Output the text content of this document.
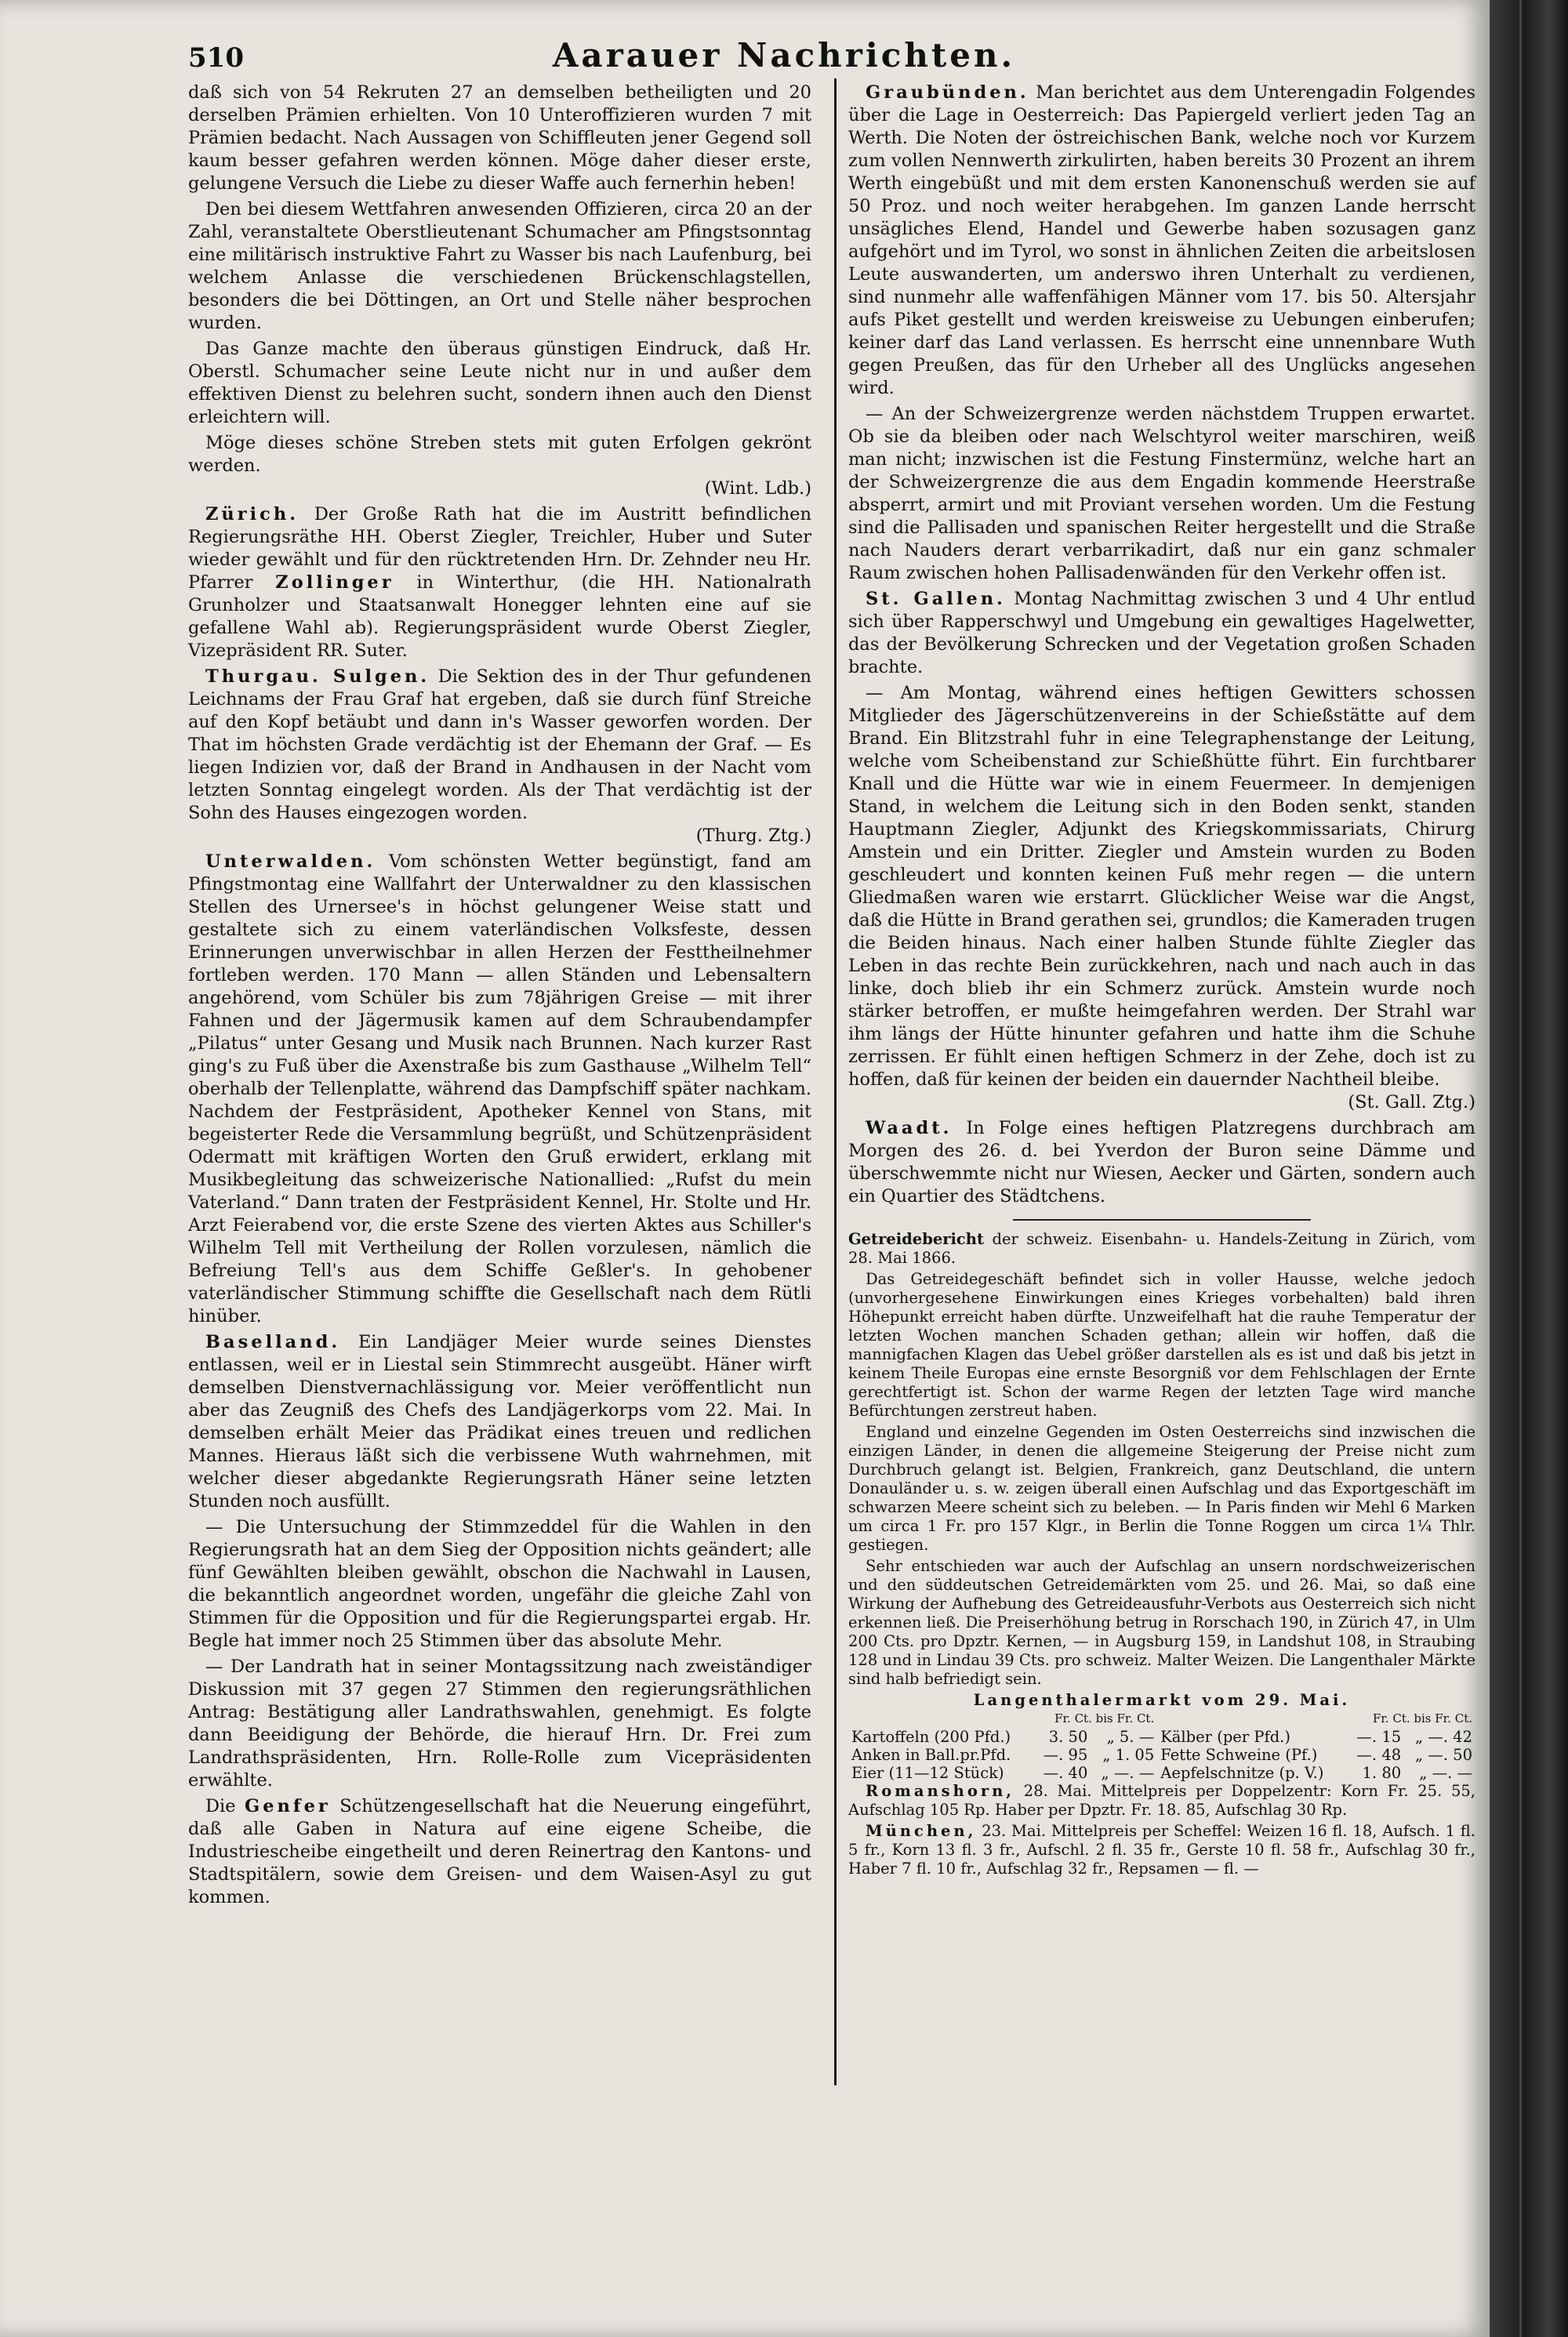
510	Aarauer Nachrichten.

daß sich von 54 Rekruten 27 an demselben betheiligten und 20 derselben Prämien erhielten. Von 10 Unteroffizieren wurden 7 mit Prämien bedacht. Nach Aussagen von Schiffleuten jener Gegend soll kaum besser gefahren werden können. Möge daher dieser erste, gelungene Versuch die Liebe zu dieser Waffe auch fernerhin heben!

Den bei diesem Wettfahren anwesenden Offizieren, circa 20 an der Zahl, veranstaltete Oberstlieutenant Schumacher am Pfingstsonntag eine militärisch instruktive Fahrt zu Wasser bis nach Laufenburg, bei welchem Anlasse die verschiedenen Brückenschlagstellen, besonders die bei Döttingen, an Ort und Stelle näher besprochen wurden.

Das Ganze machte den überaus günstigen Eindruck, daß Hr. Oberstl. Schumacher seine Leute nicht nur in und außer dem effektiven Dienst zu belehren sucht, sondern ihnen auch den Dienst erleichtern will.

Möge dieses schöne Streben stets mit guten Erfolgen gekrönt werden.
(Wint. Ldb.)

Zürich. Der Große Rath hat die im Austritt befindlichen Regierungsräthe HH. Oberst Ziegler, Treichler, Huber und Suter wieder gewählt und für den rücktretenden Hrn. Dr. Zehnder neu Hr. Pfarrer Zollinger in Winterthur, (die HH. Nationalrath Grunholzer und Staatsanwalt Honegger lehnten eine auf sie gefallene Wahl ab). Regierungspräsident wurde Oberst Ziegler, Vizepräsident RR. Suter.

Thurgau. Sulgen. Die Sektion des in der Thur gefundenen Leichnams der Frau Graf hat ergeben, daß sie durch fünf Streiche auf den Kopf betäubt und dann in's Wasser geworfen worden. Der That im höchsten Grade verdächtig ist der Ehemann der Graf. — Es liegen Indizien vor, daß der Brand in Andhausen in der Nacht vom letzten Sonntag eingelegt worden. Als der That verdächtig ist der Sohn des Hauses eingezogen worden.
(Thurg. Ztg.)

Unterwalden. Vom schönsten Wetter begünstigt, fand am Pfingstmontag eine Wallfahrt der Unterwaldner zu den klassischen Stellen des Urnersee's in höchst gelungener Weise statt und gestaltete sich zu einem vaterländischen Volksfeste, dessen Erinnerungen unverwischbar in allen Herzen der Festtheilnehmer fortleben werden. 170 Mann — allen Ständen und Lebensaltern angehörend, vom Schüler bis zum 78jährigen Greise — mit ihrer Fahnen und der Jägermusik kamen auf dem Schraubendampfer „Pilatus“ unter Gesang und Musik nach Brunnen. Nach kurzer Rast ging's zu Fuß über die Axenstraße bis zum Gasthause „Wilhelm Tell“ oberhalb der Tellenplatte, während das Dampfschiff später nachkam. Nachdem der Festpräsident, Apotheker Kennel von Stans, mit begeisterter Rede die Versammlung begrüßt, und Schützenpräsident Odermatt mit kräftigen Worten den Gruß erwidert, erklang mit Musikbegleitung das schweizerische Nationallied: „Rufst du mein Vaterland.“ Dann traten der Festpräsident Kennel, Hr. Stolte und Hr. Arzt Feierabend vor, die erste Szene des vierten Aktes aus Schiller's Wilhelm Tell mit Vertheilung der Rollen vorzulesen, nämlich die Befreiung Tell's aus dem Schiffe Geßler's. In gehobener vaterländischer Stimmung schiffte die Gesellschaft nach dem Rütli hinüber.

Baselland. Ein Landjäger Meier wurde seines Dienstes entlassen, weil er in Liestal sein Stimmrecht ausgeübt. Häner wirft demselben Dienstvernachlässigung vor. Meier veröffentlicht nun aber das Zeugniß des Chefs des Landjägerkorps vom 22. Mai. In demselben erhält Meier das Prädikat eines treuen und redlichen Mannes. Hieraus läßt sich die verbissene Wuth wahrnehmen, mit welcher dieser abgedankte Regierungsrath Häner seine letzten Stunden noch ausfüllt.

— Die Untersuchung der Stimmzeddel für die Wahlen in den Regierungsrath hat an dem Sieg der Opposition nichts geändert; alle fünf Gewählten bleiben gewählt, obschon die Nachwahl in Lausen, die bekanntlich angeordnet worden, ungefähr die gleiche Zahl von Stimmen für die Opposition und für die Regierungspartei ergab. Hr. Begle hat immer noch 25 Stimmen über das absolute Mehr.

— Der Landrath hat in seiner Montagssitzung nach zweiständiger Diskussion mit 37 gegen 27 Stimmen den regierungsräthlichen Antrag: Bestätigung aller Landrathswahlen, genehmigt. Es folgte dann Beeidigung der Behörde, die hierauf Hrn. Dr. Frei zum Landrathspräsidenten, Hrn. Rolle-Rolle zum Vicepräsidenten erwählte.

Die Genfer Schützengesellschaft hat die Neuerung eingeführt, daß alle Gaben in Natura auf eine eigene Scheibe, die Industriescheibe eingetheilt und deren Reinertrag den Kantons- und Stadtspitälern, sowie dem Greisen- und dem Waisen-Asyl zu gut kommen.

Graubünden. Man berichtet aus dem Unterengadin Folgendes über die Lage in Oesterreich: Das Papiergeld verliert jeden Tag an Werth. Die Noten der östreichischen Bank, welche noch vor Kurzem zum vollen Nennwerth zirkulirten, haben bereits 30 Prozent an ihrem Werth eingebüßt und mit dem ersten Kanonenschuß werden sie auf 50 Proz. und noch weiter herabgehen. Im ganzen Lande herrscht unsägliches Elend, Handel und Gewerbe haben sozusagen ganz aufgehört und im Tyrol, wo sonst in ähnlichen Zeiten die arbeitslosen Leute auswanderten, um anderswo ihren Unterhalt zu verdienen, sind nunmehr alle waffenfähigen Männer vom 17. bis 50. Altersjahr aufs Piket gestellt und werden kreisweise zu Uebungen einberufen; keiner darf das Land verlassen. Es herrscht eine unnennbare Wuth gegen Preußen, das für den Urheber all des Unglücks angesehen wird.

— An der Schweizergrenze werden nächstdem Truppen erwartet. Ob sie da bleiben oder nach Welschtyrol weiter marschiren, weiß man nicht; inzwischen ist die Festung Finstermünz, welche hart an der Schweizergrenze die aus dem Engadin kommende Heerstraße absperrt, armirt und mit Proviant versehen worden. Um die Festung sind die Pallisaden und spanischen Reiter hergestellt und die Straße nach Nauders derart verbarrikadirt, daß nur ein ganz schmaler Raum zwischen hohen Pallisadenwänden für den Verkehr offen ist.

St. Gallen. Montag Nachmittag zwischen 3 und 4 Uhr entlud sich über Rapperschwyl und Umgebung ein gewaltiges Hagelwetter, das der Bevölkerung Schrecken und der Vegetation großen Schaden brachte.

— Am Montag, während eines heftigen Gewitters schossen Mitglieder des Jägerschützenvereins in der Schießstätte auf dem Brand. Ein Blitzstrahl fuhr in eine Telegraphenstange der Leitung, welche vom Scheibenstand zur Schießhütte führt. Ein furchtbarer Knall und die Hütte war wie in einem Feuermeer. In demjenigen Stand, in welchem die Leitung sich in den Boden senkt, standen Hauptmann Ziegler, Adjunkt des Kriegskommissariats, Chirurg Amstein und ein Dritter. Ziegler und Amstein wurden zu Boden geschleudert und konnten keinen Fuß mehr regen — die untern Gliedmaßen waren wie erstarrt. Glücklicher Weise war die Angst, daß die Hütte in Brand gerathen sei, grundlos; die Kameraden trugen die Beiden hinaus. Nach einer halben Stunde fühlte Ziegler das Leben in das rechte Bein zurückkehren, nach und nach auch in das linke, doch blieb ihr ein Schmerz zurück. Amstein wurde noch stärker betroffen, er mußte heimgefahren werden. Der Strahl war ihm längs der Hütte hinunter gefahren und hatte ihm die Schuhe zerrissen. Er fühlt einen heftigen Schmerz in der Zehe, doch ist zu hoffen, daß für keinen der beiden ein dauernder Nachtheil bleibe.
(St. Gall. Ztg.)

Waadt. In Folge eines heftigen Platzregens durchbrach am Morgen des 26. d. bei Yverdon der Buron seine Dämme und überschwemmte nicht nur Wiesen, Aecker und Gärten, sondern auch ein Quartier des Städtchens.

Getreidebericht der schweiz. Eisenbahn- u. Handels-Zeitung in Zürich, vom 28. Mai 1866.

Das Getreidegeschäft befindet sich in voller Hausse, welche jedoch (unvorhergesehene Einwirkungen eines Krieges vorbehalten) bald ihren Höhepunkt erreicht haben dürfte. Unzweifelhaft hat die rauhe Temperatur der letzten Wochen manchen Schaden gethan; allein wir hoffen, daß die mannigfachen Klagen das Uebel größer darstellen als es ist und daß bis jetzt in keinem Theile Europas eine ernste Besorgniß vor dem Fehlschlagen der Ernte gerechtfertigt ist. Schon der warme Regen der letzten Tage wird manche Befürchtungen zerstreut haben.

England und einzelne Gegenden im Osten Oesterreichs sind inzwischen die einzigen Länder, in denen die allgemeine Steigerung der Preise nicht zum Durchbruch gelangt ist. Belgien, Frankreich, ganz Deutschland, die untern Donauländer u. s. w. zeigen überall einen Aufschlag und das Exportgeschäft im schwarzen Meere scheint sich zu beleben. — In Paris finden wir Mehl 6 Marken um circa 1 Fr. pro 157 Klgr., in Berlin die Tonne Roggen um circa 1¼ Thlr. gestiegen.

Sehr entschieden war auch der Aufschlag an unsern nordschweizerischen und den süddeutschen Getreidemärkten vom 25. und 26. Mai, so daß eine Wirkung der Aufhebung des Getreideausfuhr-Verbots aus Oesterreich sich nicht erkennen ließ. Die Preiserhöhung betrug in Rorschach 190, in Zürich 47, in Ulm 200 Cts. pro Dpztr. Kernen, — in Augsburg 159, in Landshut 108, in Straubing 128 und in Lindau 39 Cts. pro schweiz. Malter Weizen. Die Langenthaler Märkte sind halb befriedigt sein.

Langenthalermarkt vom 29. Mai.
	Fr. Ct. bis Fr. Ct.			Fr. Ct. bis Fr. Ct.	
Kartoffeln (200 Pfd.)	3. 50	„ 5. —	Kälber (per Pfd.)	—. 15	„ —. 42
Anken in Ball.pr.Pfd.	—. 95	„ 1. 05	Fette Schweine (Pf.)	—. 48	„ —. 50
Eier (11—12 Stück)	—. 40	„ —. —	Aepfelschnitze (p. V.)	1. 80	„ —. —

Romanshorn, 28. Mai. Mittelpreis per Doppelzentr: Korn Fr. 25. 55, Aufschlag 105 Rp. Haber per Dpztr. Fr. 18. 85, Aufschlag 30 Rp.

München, 23. Mai. Mittelpreis per Scheffel: Weizen 16 fl. 18, Aufsch. 1 fl. 5 fr., Korn 13 fl. 3 fr., Aufschl. 2 fl. 35 fr., Gerste 10 fl. 58 fr., Aufschlag 30 fr., Haber 7 fl. 10 fr., Aufschlag 32 fr., Repsamen — fl. —
